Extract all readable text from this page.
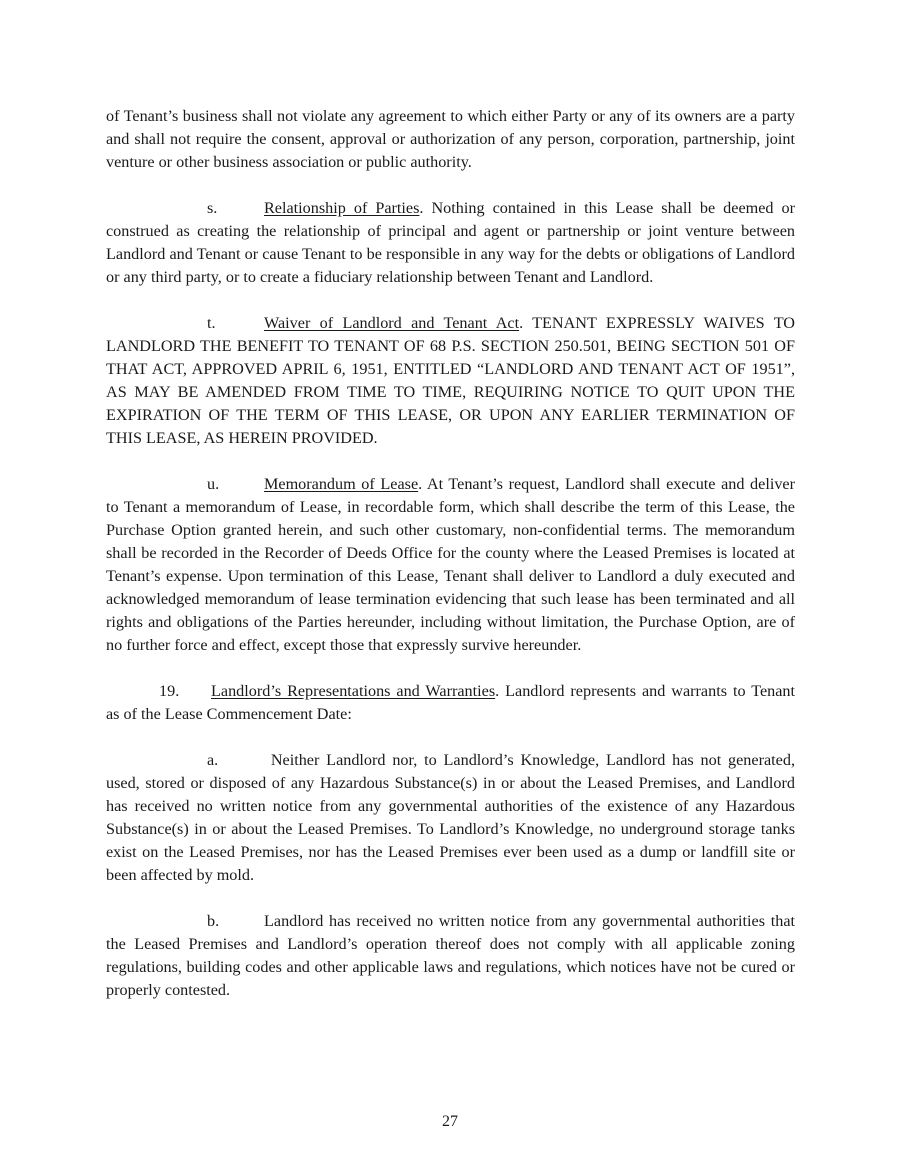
of Tenant’s business shall not violate any agreement to which either Party or any of its owners are a party and shall not require the consent, approval or authorization of any person, corporation, partnership, joint venture or other business association or public authority.

s.	Relationship of Parties. Nothing contained in this Lease shall be deemed or construed as creating the relationship of principal and agent or partnership or joint venture between Landlord and Tenant or cause Tenant to be responsible in any way for the debts or obligations of Landlord or any third party, or to create a fiduciary relationship between Tenant and Landlord.

t.	Waiver of Landlord and Tenant Act. TENANT EXPRESSLY WAIVES TO LANDLORD THE BENEFIT TO TENANT OF 68 P.S. SECTION 250.501, BEING SECTION 501 OF THAT ACT, APPROVED APRIL 6, 1951, ENTITLED “LANDLORD AND TENANT ACT OF 1951”, AS MAY BE AMENDED FROM TIME TO TIME, REQUIRING NOTICE TO QUIT UPON THE EXPIRATION OF THE TERM OF THIS LEASE, OR UPON ANY EARLIER TERMINATION OF THIS LEASE, AS HEREIN PROVIDED.

u.	Memorandum of Lease. At Tenant’s request, Landlord shall execute and deliver to Tenant a memorandum of Lease, in recordable form, which shall describe the term of this Lease, the Purchase Option granted herein, and such other customary, non-confidential terms. The memorandum shall be recorded in the Recorder of Deeds Office for the county where the Leased Premises is located at Tenant’s expense. Upon termination of this Lease, Tenant shall deliver to Landlord a duly executed and acknowledged memorandum of lease termination evidencing that such lease has been terminated and all rights and obligations of the Parties hereunder, including without limitation, the Purchase Option, are of no further force and effect, except those that expressly survive hereunder.

19. Landlord’s Representations and Warranties. Landlord represents and warrants to Tenant as of the Lease Commencement Date:

a.	Neither Landlord nor, to Landlord’s Knowledge, Landlord has not generated, used, stored or disposed of any Hazardous Substance(s) in or about the Leased Premises, and Landlord has received no written notice from any governmental authorities of the existence of any Hazardous Substance(s) in or about the Leased Premises. To Landlord’s Knowledge, no underground storage tanks exist on the Leased Premises, nor has the Leased Premises ever been used as a dump or landfill site or been affected by mold.

b.	Landlord has received no written notice from any governmental authorities that the Leased Premises and Landlord’s operation thereof does not comply with all applicable zoning regulations, building codes and other applicable laws and regulations, which notices have not be cured or properly contested.

27
